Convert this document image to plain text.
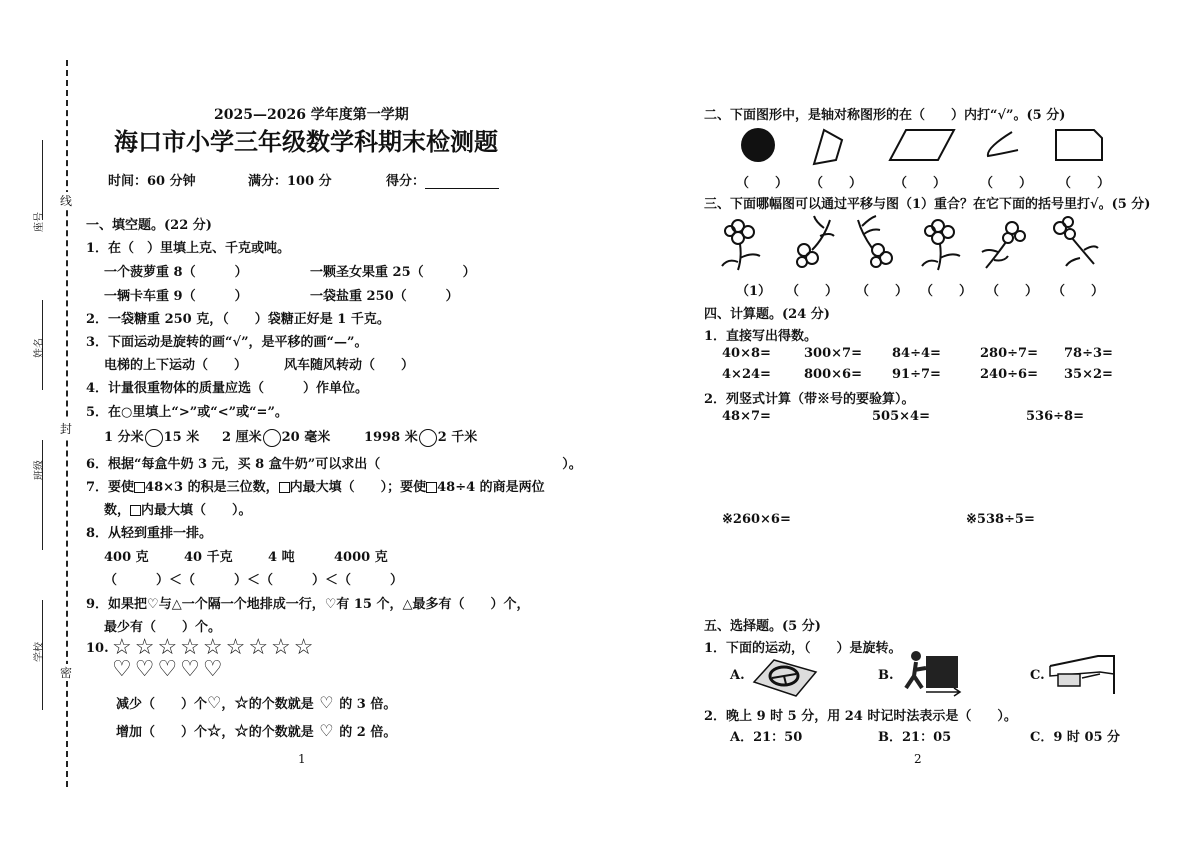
座号
姓名
班级
学校
线
封
密
2025—2026 学年度第一学期
海口市小学三年级数学科期末检测题
时间：60 分钟	满分：100 分	得分：
一、填空题。(22 分)
1．在（　）里填上克、千克或吨。
一个菠萝重 8（　　　）	一颗圣女果重 25（　　　）
一辆卡车重 9（　　　）	一袋盐重 250（　　　）
2．一袋糖重 250 克，（　　）袋糖正好是 1 千克。
3．下面运动是旋转的画“√”，是平移的画“—”。
电梯的上下运动（　　）	风车随风转动（　　）
4．计量很重物体的质量应选（　　　）作单位。
5．在○里填上“>”或“<”或“=”。
1 分米 15 米 2 厘米 20 毫米	1998 米 2 千米
6．根据“每盒牛奶 3 元，买 8 盒牛奶”可以求出（　　　　　　　　　　　　　　）。
7．要使 48×3 的积是三位数， 内最大填（　　）；要使 48÷4 的商是两位
数， 内最大填（　　）。
8．从轻到重排一排。
400 克	40 千克	4 吨	4000 克
（　　　）＜（　　　）＜（　　　）＜（　　　）
9．如果把♡与△一个隔一个地排成一行，♡有 15 个，△最多有（　　）个，
最少有（　　）个。
10. ☆☆☆☆☆☆☆☆☆
♡♡♡♡♡
减少（　　）个♡，☆的个数就是 ♡ 的 3 倍。
增加（　　）个☆，☆的个数就是 ♡ 的 2 倍。
1
二、下面图形中，是轴对称图形的在（　　）内打“√”。(5 分)
（　　） （　　） （　　）	（　　） （　　）
三、下面哪幅图可以通过平移与图（1）重合？在它下面的括号里打√。(5 分)
（1） （　　） （　　） （　　） （　　） （　　）
四、计算题。(24 分)
1．直接写出得数。
40×8=	300×7= 84÷4=	280÷7= 78÷3=
4×24=	800×6= 91÷7=	240÷6= 35×2=
2．列竖式计算（带※号的要验算）。
48×7=	505×4=	536÷8=
※260×6=	※538÷5=
五、选择题。(5 分)
1．下面的运动，（　　）是旋转。
A.	B.	C.
2．晚上 9 时 5 分，用 24 时记时法表示是（　　）。
A．21：50	B．21：05	C．9 时 05 分
2
